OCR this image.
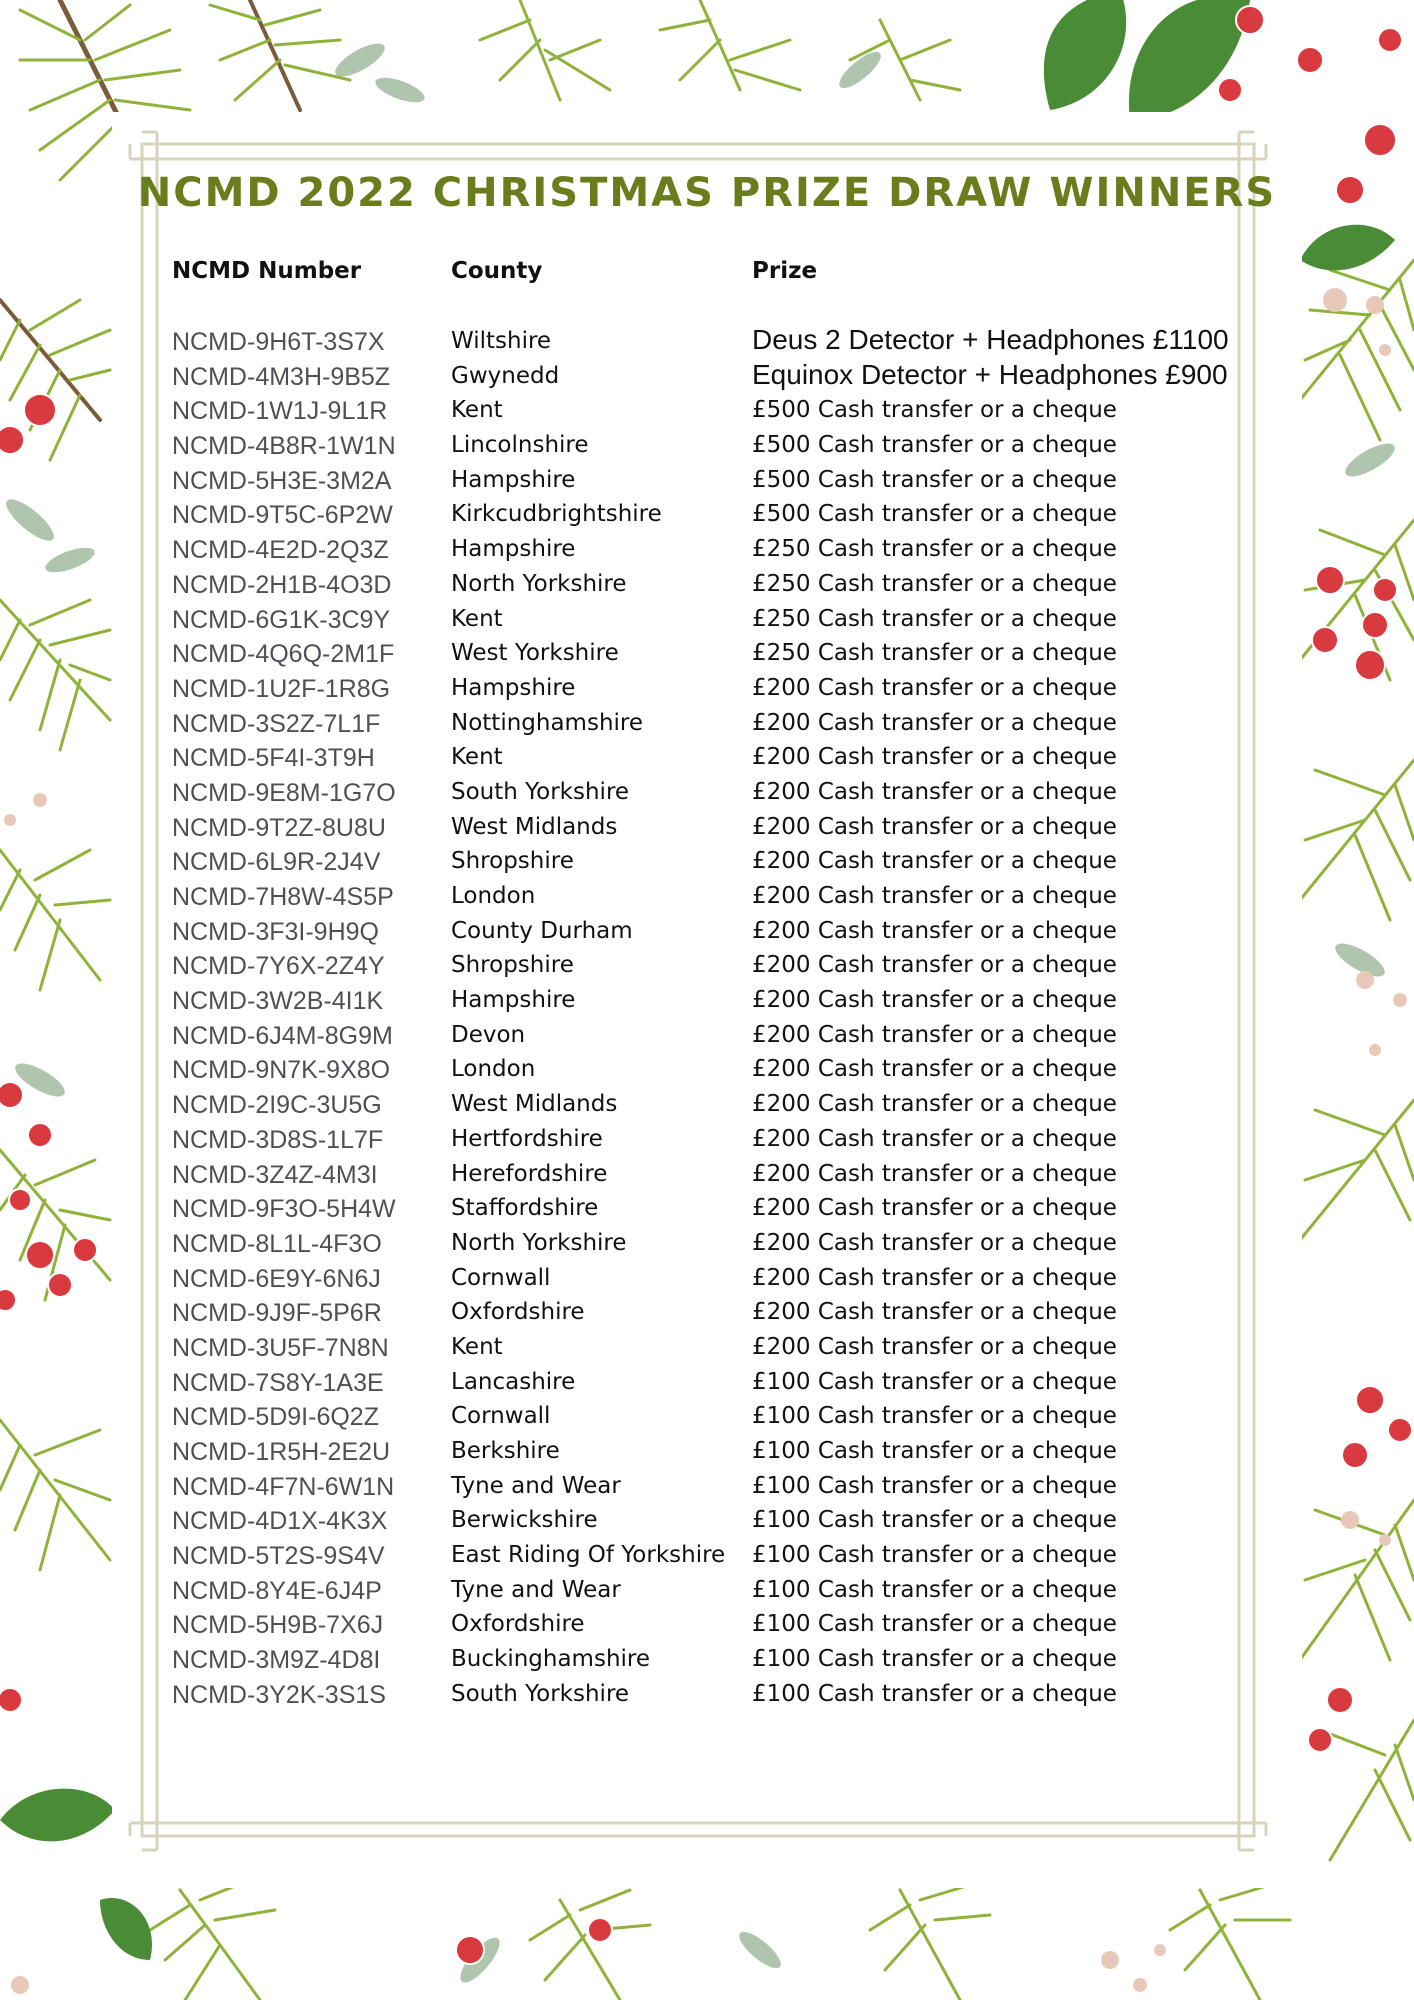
NCMD 2022 CHRISTMAS PRIZE DRAW WINNERS
NCMD Number	County	Prize
NCMD-9H6T-3S7X	Wiltshire	Deus 2 Detector + Headphones £1100
NCMD-4M3H-9B5Z	Gwynedd	Equinox Detector + Headphones £900
NCMD-1W1J-9L1R	Kent	£500 Cash transfer or a cheque
NCMD-4B8R-1W1N Lincolnshire	£500 Cash transfer or a cheque
NCMD-5H3E-3M2A	Hampshire	£500 Cash transfer or a cheque
NCMD-9T5C-6P2W	Kirkcudbrightshire	£500 Cash transfer or a cheque
NCMD-4E2D-2Q3Z	Hampshire	£250 Cash transfer or a cheque
NCMD-2H1B-4O3D	North Yorkshire	£250 Cash transfer or a cheque
NCMD-6G1K-3C9Y	Kent	£250 Cash transfer or a cheque
NCMD-4Q6Q-2M1F West Yorkshire	£250 Cash transfer or a cheque
NCMD-1U2F-1R8G	Hampshire	£200 Cash transfer or a cheque
NCMD-3S2Z-7L1F	Nottinghamshire	£200 Cash transfer or a cheque
NCMD-5F4I-3T9H	Kent	£200 Cash transfer or a cheque
NCMD-9E8M-1G7O South Yorkshire	£200 Cash transfer or a cheque
NCMD-9T2Z-8U8U	West Midlands	£200 Cash transfer or a cheque
NCMD-6L9R-2J4V	Shropshire	£200 Cash transfer or a cheque
NCMD-7H8W-4S5P London	£200 Cash transfer or a cheque
NCMD-3F3I-9H9Q	County Durham	£200 Cash transfer or a cheque
NCMD-7Y6X-2Z4Y	Shropshire	£200 Cash transfer or a cheque
NCMD-3W2B-4I1K	Hampshire	£200 Cash transfer or a cheque
NCMD-6J4M-8G9M	Devon	£200 Cash transfer or a cheque
NCMD-9N7K-9X8O	London	£200 Cash transfer or a cheque
NCMD-2I9C-3U5G	West Midlands	£200 Cash transfer or a cheque
NCMD-3D8S-1L7F	Hertfordshire	£200 Cash transfer or a cheque
NCMD-3Z4Z-4M3I	Herefordshire	£200 Cash transfer or a cheque
NCMD-9F3O-5H4W Staffordshire	£200 Cash transfer or a cheque
NCMD-8L1L-4F3O	North Yorkshire	£200 Cash transfer or a cheque
NCMD-6E9Y-6N6J	Cornwall	£200 Cash transfer or a cheque
NCMD-9J9F-5P6R	Oxfordshire	£200 Cash transfer or a cheque
NCMD-3U5F-7N8N	Kent	£200 Cash transfer or a cheque
NCMD-7S8Y-1A3E	Lancashire	£100 Cash transfer or a cheque
NCMD-5D9I-6Q2Z	Cornwall	£100 Cash transfer or a cheque
NCMD-1R5H-2E2U	Berkshire	£100 Cash transfer or a cheque
NCMD-4F7N-6W1N Tyne and Wear	£100 Cash transfer or a cheque
NCMD-4D1X-4K3X	Berwickshire	£100 Cash transfer or a cheque
NCMD-5T2S-9S4V	East Riding Of Yorkshire £100 Cash transfer or a cheque
NCMD-8Y4E-6J4P	Tyne and Wear	£100 Cash transfer or a cheque
NCMD-5H9B-7X6J	Oxfordshire	£100 Cash transfer or a cheque
NCMD-3M9Z-4D8I	Buckinghamshire	£100 Cash transfer or a cheque
NCMD-3Y2K-3S1S	South Yorkshire	£100 Cash transfer or a cheque
